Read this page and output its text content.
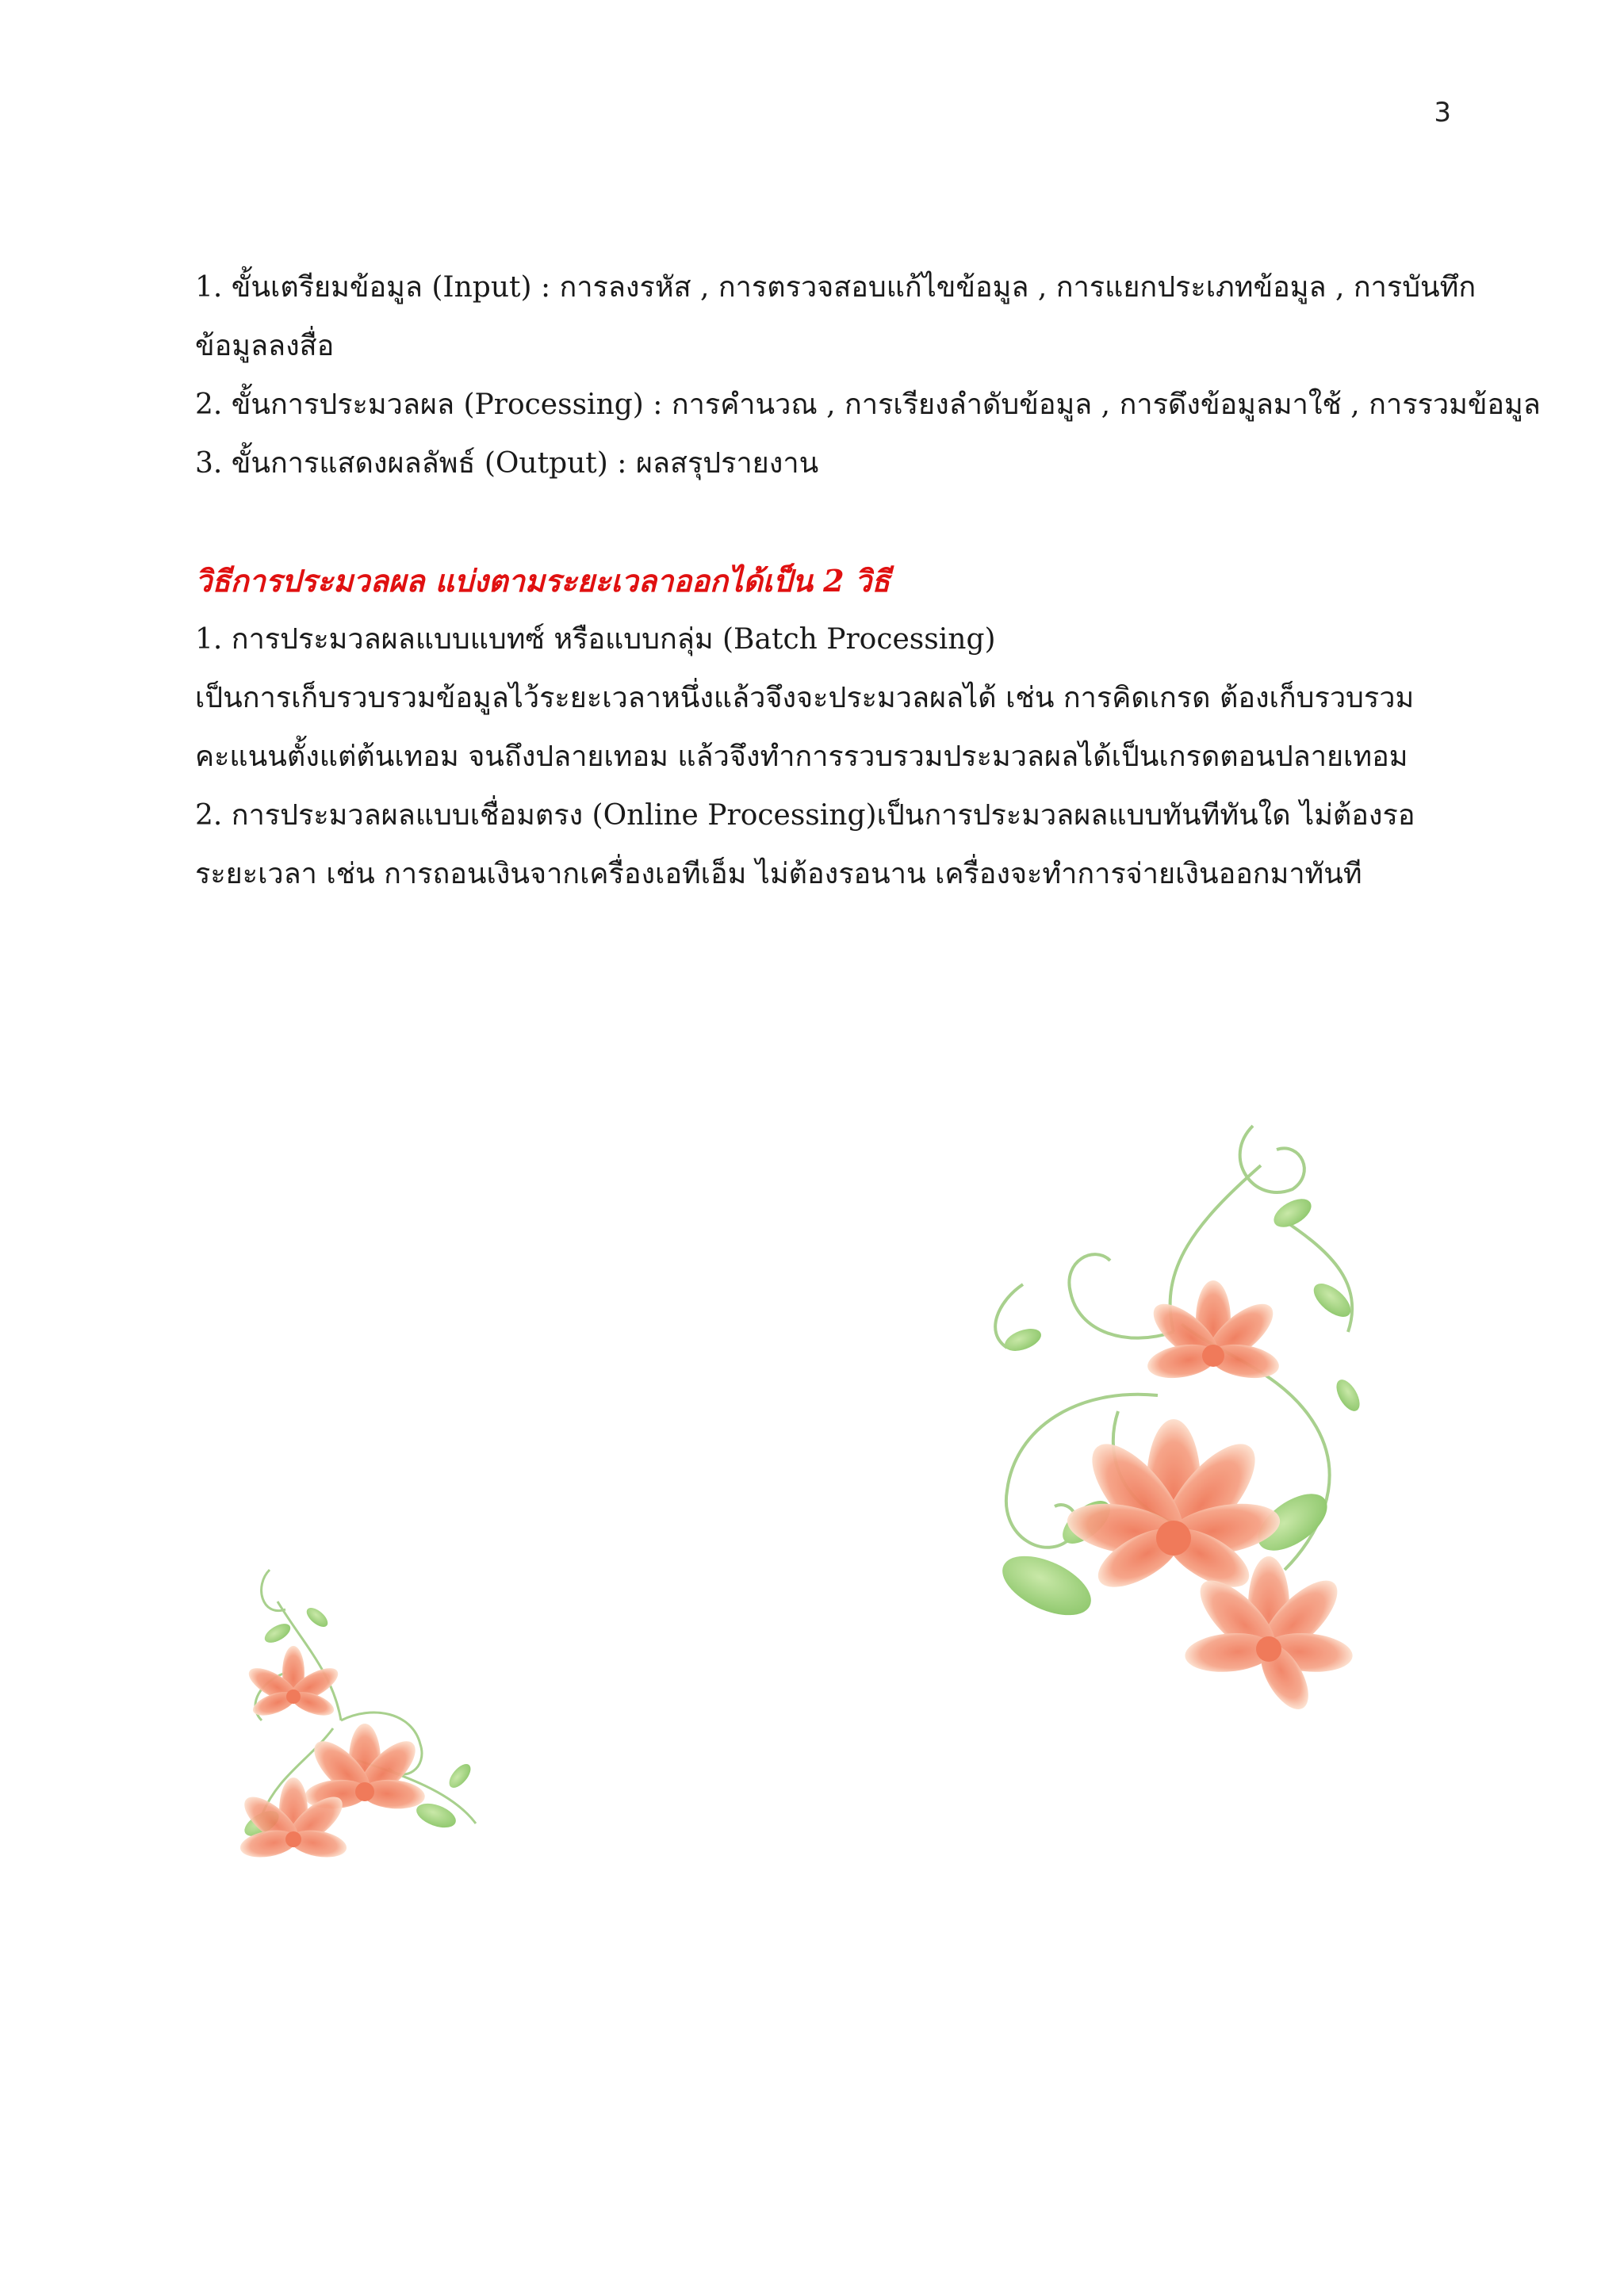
3
1. ขั้นเตรียมข้อมูล (Input) : การลงรหัส , การตรวจสอบแก้ไขข้อมูล , การแยกประเภทข้อมูล , การบันทึก
ข้อมูลลงสื่อ
2. ขั้นการประมวลผล (Processing) : การคำนวณ , การเรียงลำดับข้อมูล , การดึงข้อมูลมาใช้ , การรวมข้อมูล
3. ขั้นการแสดงผลลัพธ์ (Output) : ผลสรุปรายงาน
วิธีการประมวลผล แบ่งตามระยะเวลาออกได้เป็น 2 วิธี
1. การประมวลผลแบบแบทซ์ หรือแบบกลุ่ม (Batch Processing)
เป็นการเก็บรวบรวมข้อมูลไว้ระยะเวลาหนึ่งแล้วจึงจะประมวลผลได้ เช่น การคิดเกรด ต้องเก็บรวบรวม
คะแนนตั้งแต่ต้นเทอม จนถึงปลายเทอม แล้วจึงทำการรวบรวมประมวลผลได้เป็นเกรดตอนปลายเทอม
2. การประมวลผลแบบเชื่อมตรง (Online Processing)เป็นการประมวลผลแบบทันทีทันใด ไม่ต้องรอ
ระยะเวลา เช่น การถอนเงินจากเครื่องเอทีเอ็ม ไม่ต้องรอนาน เครื่องจะทำการจ่ายเงินออกมาทันที
